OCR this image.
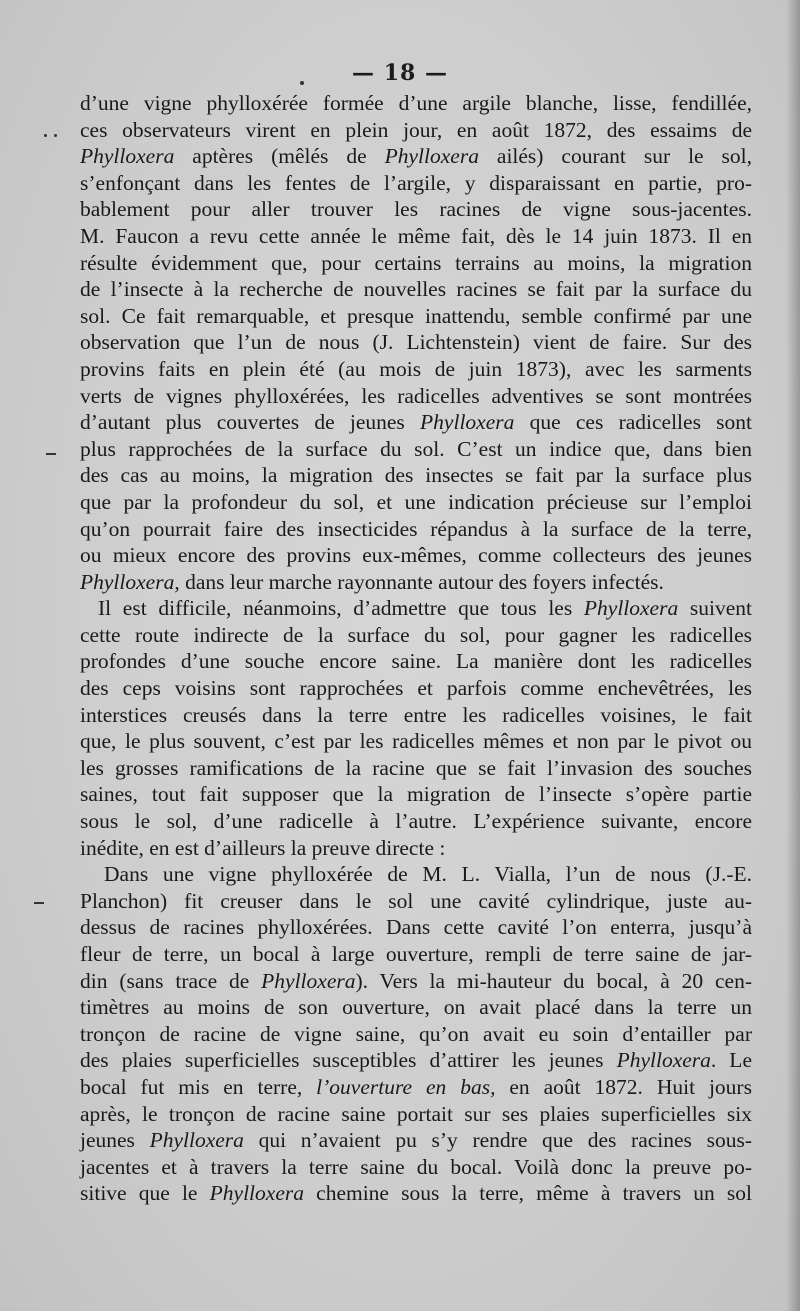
— 18 —
d’une vigne phylloxérée formée d’une argile blanche, lisse, fendillée,
ces observateurs virent en plein jour, en août 1872, des essaims de
Phylloxera aptères (mêlés de Phylloxera ailés) courant sur le sol,
s’enfonçant dans les fentes de l’argile, y disparaissant en partie, pro-
bablement pour aller trouver les racines de vigne sous-jacentes.
M. Faucon a revu cette année le même fait, dès le 14 juin 1873. Il en
résulte évidemment que, pour certains terrains au moins, la migration
de l’insecte à la recherche de nouvelles racines se fait par la surface du
sol. Ce fait remarquable, et presque inattendu, semble confirmé par une
observation que l’un de nous (J. Lichtenstein) vient de faire. Sur des
provins faits en plein été (au mois de juin 1873), avec les sarments
verts de vignes phylloxérées, les radicelles adventives se sont montrées
d’autant plus couvertes de jeunes Phylloxera que ces radicelles sont
plus rapprochées de la surface du sol. C’est un indice que, dans bien
des cas au moins, la migration des insectes se fait par la surface plus
que par la profondeur du sol, et une indication précieuse sur l’emploi
qu’on pourrait faire des insecticides répandus à la surface de la terre,
ou mieux encore des provins eux-mêmes, comme collecteurs des jeunes
Phylloxera, dans leur marche rayonnante autour des foyers infectés.
Il est difficile, néanmoins, d’admettre que tous les Phylloxera suivent
cette route indirecte de la surface du sol, pour gagner les radicelles
profondes d’une souche encore saine. La manière dont les radicelles
des ceps voisins sont rapprochées et parfois comme enchevêtrées, les
interstices creusés dans la terre entre les radicelles voisines, le fait
que, le plus souvent, c’est par les radicelles mêmes et non par le pivot ou
les grosses ramifications de la racine que se fait l’invasion des souches
saines, tout fait supposer que la migration de l’insecte s’opère partie
sous le sol, d’une radicelle à l’autre. L’expérience suivante, encore
inédite, en est d’ailleurs la preuve directe :
Dans une vigne phylloxérée de M. L. Vialla, l’un de nous (J.-E.
Planchon) fit creuser dans le sol une cavité cylindrique, juste au-
dessus de racines phylloxérées. Dans cette cavité l’on enterra, jusqu’à
fleur de terre, un bocal à large ouverture, rempli de terre saine de jar-
din (sans trace de Phylloxera). Vers la mi-hauteur du bocal, à 20 cen-
timètres au moins de son ouverture, on avait placé dans la terre un
tronçon de racine de vigne saine, qu’on avait eu soin d’entailler par
des plaies superficielles susceptibles d’attirer les jeunes Phylloxera. Le
bocal fut mis en terre, l’ouverture en bas, en août 1872. Huit jours
après, le tronçon de racine saine portait sur ses plaies superficielles six
jeunes Phylloxera qui n’avaient pu s’y rendre que des racines sous-
jacentes et à travers la terre saine du bocal. Voilà donc la preuve po-
sitive que le Phylloxera chemine sous la terre, même à travers un sol
